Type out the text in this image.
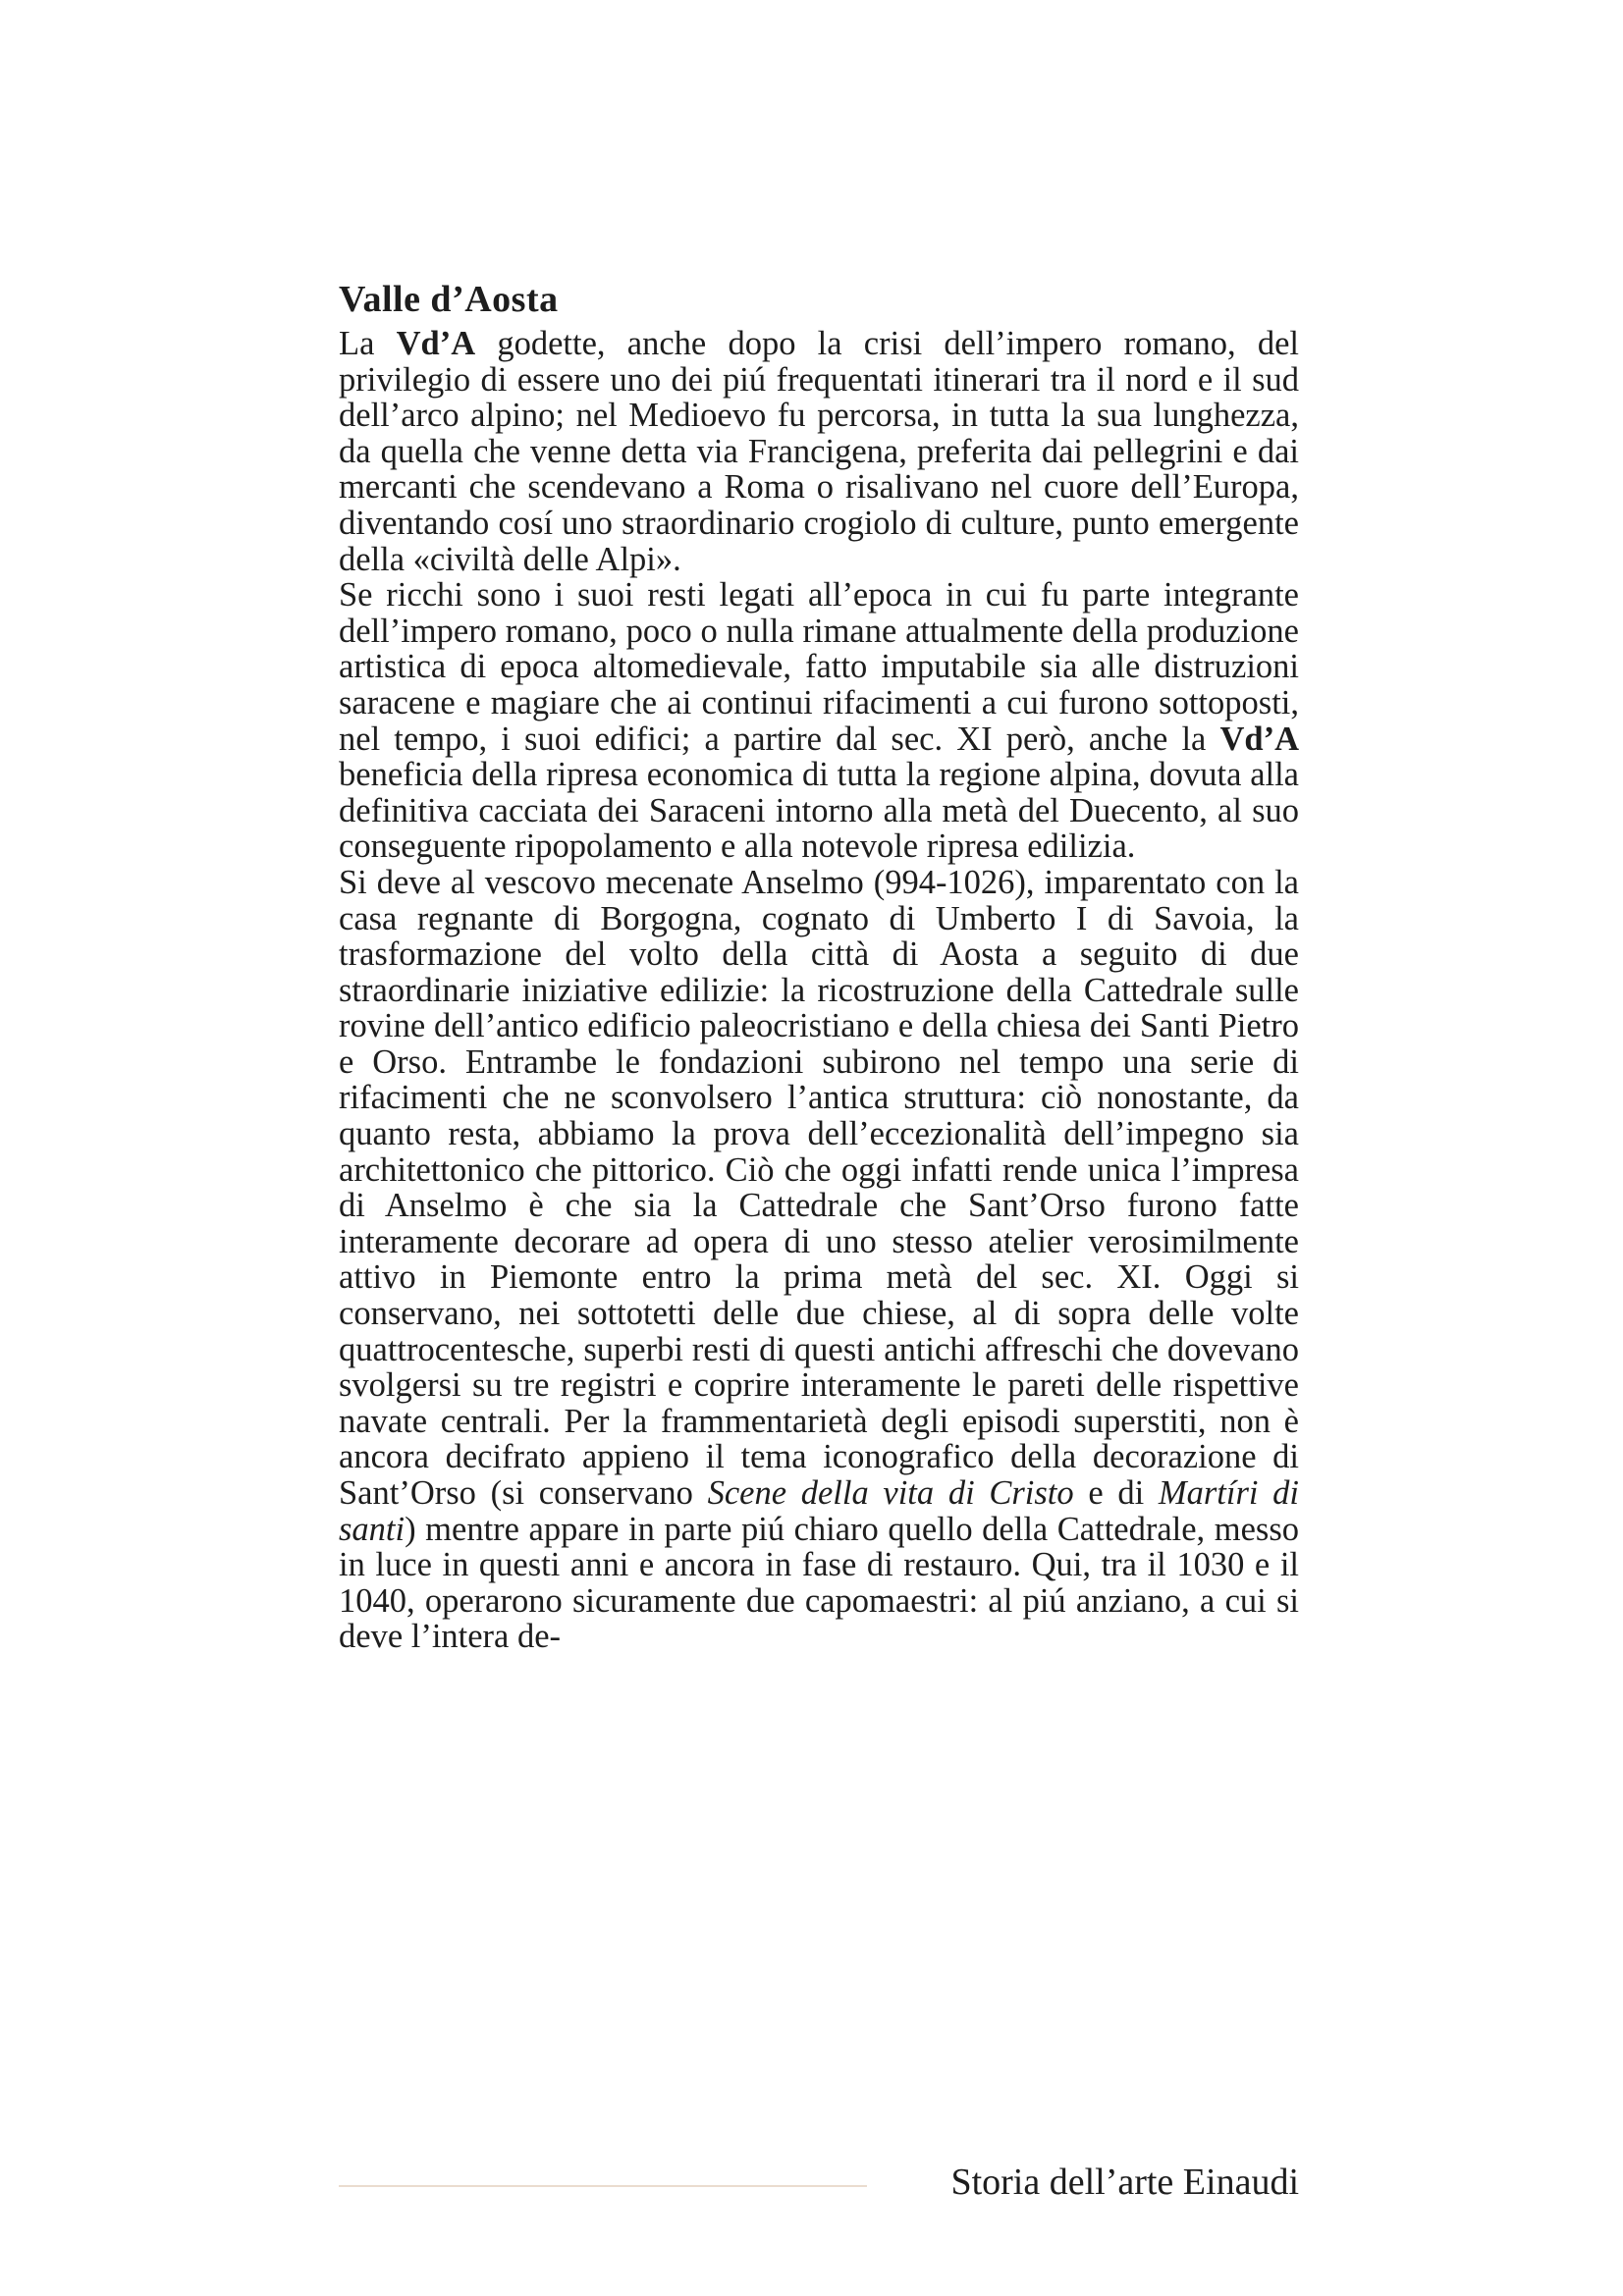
Valle d’Aosta

La Vd’A godette, anche dopo la crisi dell’impero romano, del privilegio di essere uno dei piú frequentati itinerari tra il nord e il sud dell’arco alpino; nel Medioevo fu percorsa, in tutta la sua lunghezza, da quella che venne detta via Francigena, preferita dai pellegrini e dai mercanti che scendevano a Roma o risalivano nel cuore dell’Europa, diventando cosí uno straordinario crogiolo di culture, punto emergente della «civiltà delle Alpi».

Se ricchi sono i suoi resti legati all’epoca in cui fu parte integrante dell’impero romano, poco o nulla rimane attualmente della produzione artistica di epoca altomedievale, fatto imputabile sia alle distruzioni saracene e magiare che ai continui rifacimenti a cui furono sottoposti, nel tempo, i suoi edifici; a partire dal sec. XI però, anche la Vd’A beneficia della ripresa economica di tutta la regione alpina, dovuta alla definitiva cacciata dei Saraceni intorno alla metà del Duecento, al suo conseguente ripopolamento e alla notevole ripresa edilizia.

Si deve al vescovo mecenate Anselmo (994-1026), imparentato con la casa regnante di Borgogna, cognato di Umberto I di Savoia, la trasformazione del volto della città di Aosta a seguito di due straordinarie iniziative edilizie: la ricostruzione della Cattedrale sulle rovine dell’antico edificio paleocristiano e della chiesa dei Santi Pietro e Orso. Entrambe le fondazioni subirono nel tempo una serie di rifacimenti che ne sconvolsero l’antica struttura: ciò nonostante, da quanto resta, abbiamo la prova dell’eccezionalità dell’impegno sia architettonico che pittorico. Ciò che oggi infatti rende unica l’impresa di Anselmo è che sia la Cattedrale che Sant’Orso furono fatte interamente decorare ad opera di uno stesso atelier verosimilmente attivo in Piemonte entro la prima metà del sec. XI. Oggi si conservano, nei sottotetti delle due chiese, al di sopra delle volte quattrocentesche, superbi resti di questi antichi affreschi che dovevano svolgersi su tre registri e coprire interamente le pareti delle rispettive navate centrali. Per la frammentarietà degli episodi superstiti, non è ancora decifrato appieno il tema iconografico della decorazione di Sant’Orso (si conservano Scene della vita di Cristo e di Martíri di santi) mentre appare in parte piú chiaro quello della Cattedrale, messo in luce in questi anni e ancora in fase di restauro. Qui, tra il 1030 e il 1040, operarono sicuramente due capomaestri: al piú anziano, a cui si deve l’intera de-

Storia dell’arte Einaudi
